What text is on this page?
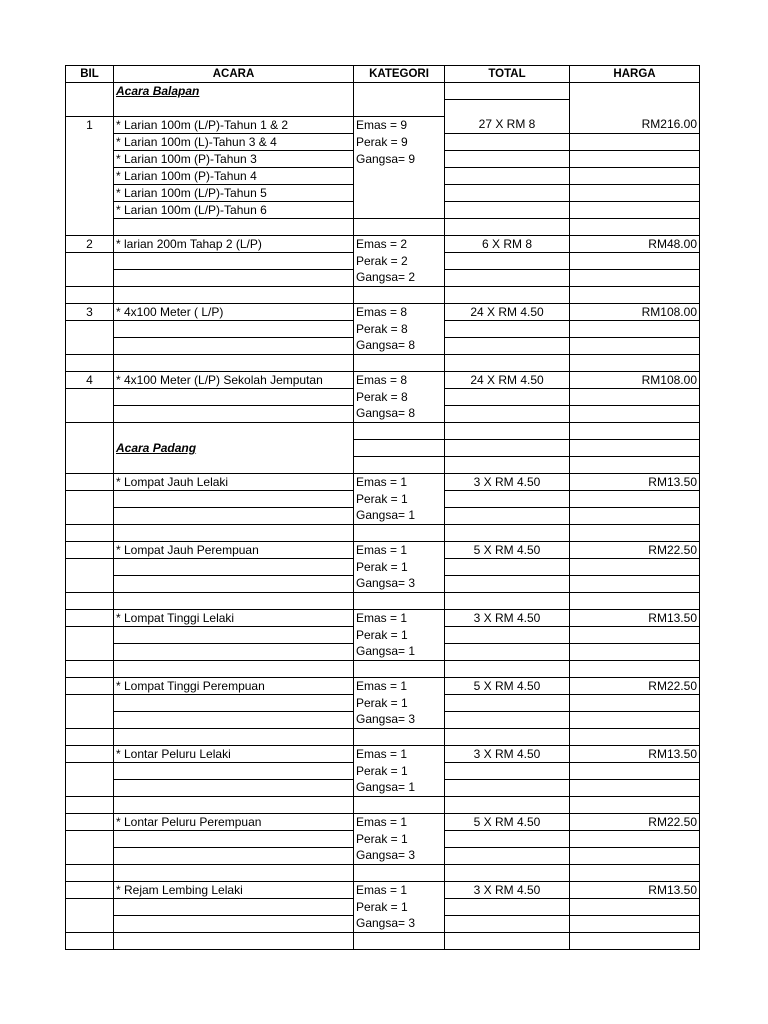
BIL	ACARA	KATEGORI	TOTAL	HARGA
	Acara Balapan			

1	* Larian 100m (L/P)-Tahun 1 & 2	Emas = 9	27 X RM 8	RM216.00
	* Larian 100m (L)-Tahun 3 & 4	Perak = 9		
	* Larian 100m (P)-Tahun 3	Gangsa= 9		
	* Larian 100m (P)-Tahun 4			
	* Larian 100m (L/P)-Tahun 5			
	* Larian 100m (L/P)-Tahun 6			

2	* larian 200m Tahap 2 (L/P)	Emas = 2	6 X RM 8	RM48.00
		Perak = 2		
		Gangsa= 2		

3	* 4x100 Meter ( L/P)	Emas = 8	24 X RM 4.50	RM108.00
		Perak = 8		
		Gangsa= 8		

4	* 4x100 Meter (L/P) Sekolah Jemputan	Emas = 8	24 X RM 4.50	RM108.00
		Perak = 8		
		Gangsa= 8		

	Acara Padang			

	* Lompat Jauh Lelaki	Emas = 1	3 X RM 4.50	RM13.50
		Perak = 1		
		Gangsa= 1		

	* Lompat Jauh Perempuan	Emas = 1	5 X RM 4.50	RM22.50
		Perak = 1		
		Gangsa= 3		

	* Lompat Tinggi Lelaki	Emas = 1	3 X RM 4.50	RM13.50
		Perak = 1		
		Gangsa= 1		

	* Lompat Tinggi Perempuan	Emas = 1	5 X RM 4.50	RM22.50
		Perak = 1		
		Gangsa= 3		

	* Lontar Peluru Lelaki	Emas = 1	3 X RM 4.50	RM13.50
		Perak = 1		
		Gangsa= 1		

	* Lontar Peluru Perempuan	Emas = 1	5 X RM 4.50	RM22.50
		Perak = 1		
		Gangsa= 3		

	* Rejam Lembing Lelaki	Emas = 1	3 X RM 4.50	RM13.50
		Perak = 1		
		Gangsa= 3		
